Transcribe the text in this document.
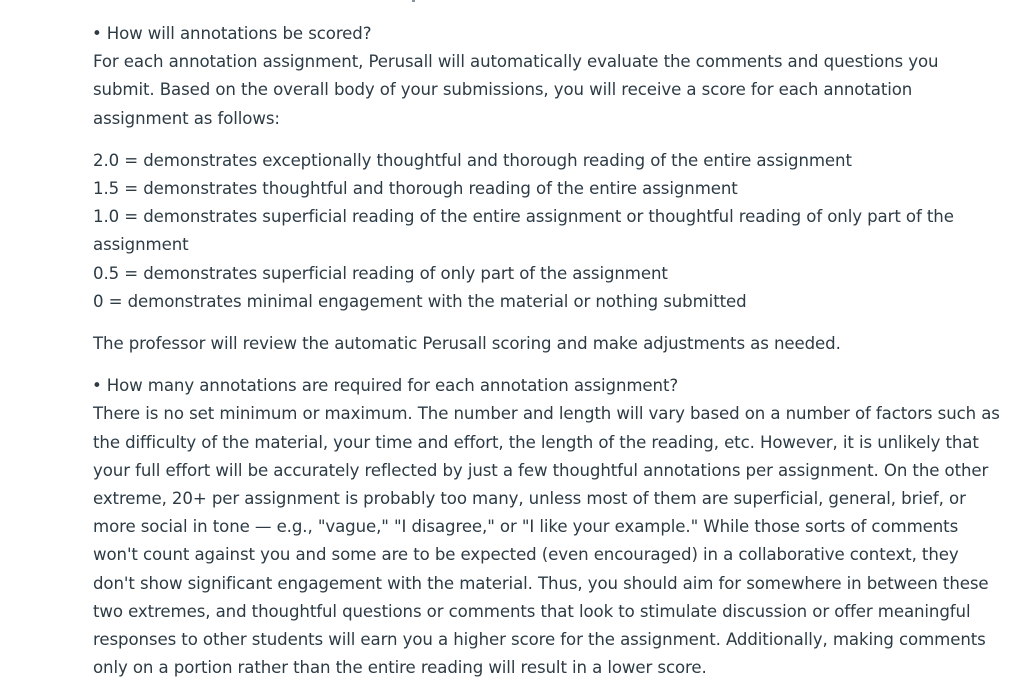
• How will annotations be scored?

For each annotation assignment, Perusall will automatically evaluate the comments and questions you submit. Based on the overall body of your submissions, you will receive a score for each annotation assignment as follows:

2.0 = demonstrates exceptionally thoughtful and thorough reading of the entire assignment
1.5 = demonstrates thoughtful and thorough reading of the entire assignment
1.0 = demonstrates superficial reading of the entire assignment or thoughtful reading of only part of the assignment
0.5 = demonstrates superficial reading of only part of the assignment
0 = demonstrates minimal engagement with the material or nothing submitted

The professor will review the automatic Perusall scoring and make adjustments as needed.

• How many annotations are required for each annotation assignment?

There is no set minimum or maximum. The number and length will vary based on a number of factors such as the difficulty of the material, your time and effort, the length of the reading, etc. However, it is unlikely that your full effort will be accurately reflected by just a few thoughtful annotations per assignment. On the other extreme, 20+ per assignment is probably too many, unless most of them are superficial, general, brief, or more social in tone — e.g., "vague," "I disagree," or "I like your example." While those sorts of comments won't count against you and some are to be expected (even encouraged) in a collaborative context, they don't show significant engagement with the material. Thus, you should aim for somewhere in between these two extremes, and thoughtful questions or comments that look to stimulate discussion or offer meaningful responses to other students will earn you a higher score for the assignment. Additionally, making comments only on a portion rather than the entire reading will result in a lower score.
